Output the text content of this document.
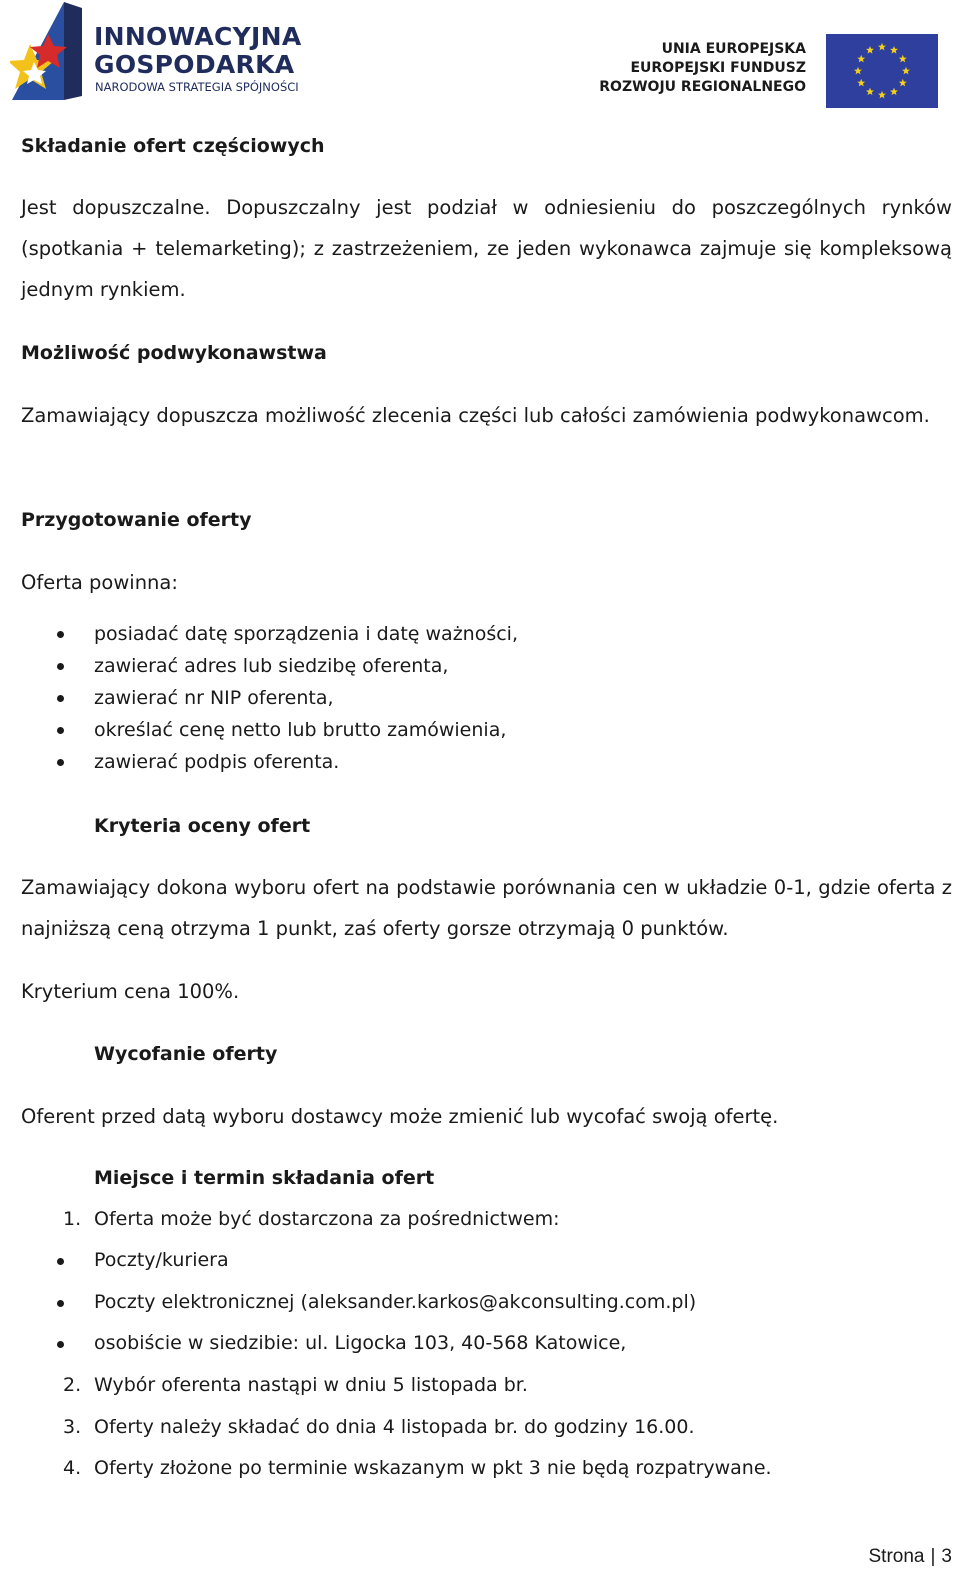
INNOWACYJNA
GOSPODARKA
NARODOWA STRATEGIA SPÓJNOŚCI
UNIA EUROPEJSKA
EUROPEJSKI FUNDUSZ
ROZWOJU REGIONALNEGO

Składanie ofert częściowych

Jest dopuszczalne. Dopuszczalny jest podział w odniesieniu do poszczególnych rynków (spotkania + telemarketing); z zastrzeżeniem, ze jeden wykonawca zajmuje się kompleksową jednym rynkiem.

Możliwość podwykonawstwa

Zamawiający dopuszcza możliwość zlecenia części lub całości zamówienia podwykonawcom.

Przygotowanie oferty

Oferta powinna:

posiadać datę sporządzenia i datę ważności,
zawierać adres lub siedzibę oferenta,
zawierać nr NIP oferenta,
określać cenę netto lub brutto zamówienia,
zawierać podpis oferenta.

Kryteria oceny ofert

Zamawiający dokona wyboru ofert na podstawie porównania cen w układzie 0-1, gdzie oferta z najniższą ceną otrzyma 1 punkt, zaś oferty gorsze otrzymają 0 punktów.

Kryterium cena 100%.

Wycofanie oferty

Oferent przed datą wyboru dostawcy może zmienić lub wycofać swoją ofertę.

Miejsce i termin składania ofert

1. Oferta może być dostarczona za pośrednictwem:
Poczty/kuriera
Poczty elektronicznej (aleksander.karkos@akconsulting.com.pl)
osobiście w siedzibie: ul. Ligocka 103, 40-568 Katowice,
2. Wybór oferenta nastąpi w dniu 5 listopada br.
3. Oferty należy składać do dnia 4 listopada br. do godziny 16.00.
4. Oferty złożone po terminie wskazanym w pkt 3 nie będą rozpatrywane.
Strona | 3
